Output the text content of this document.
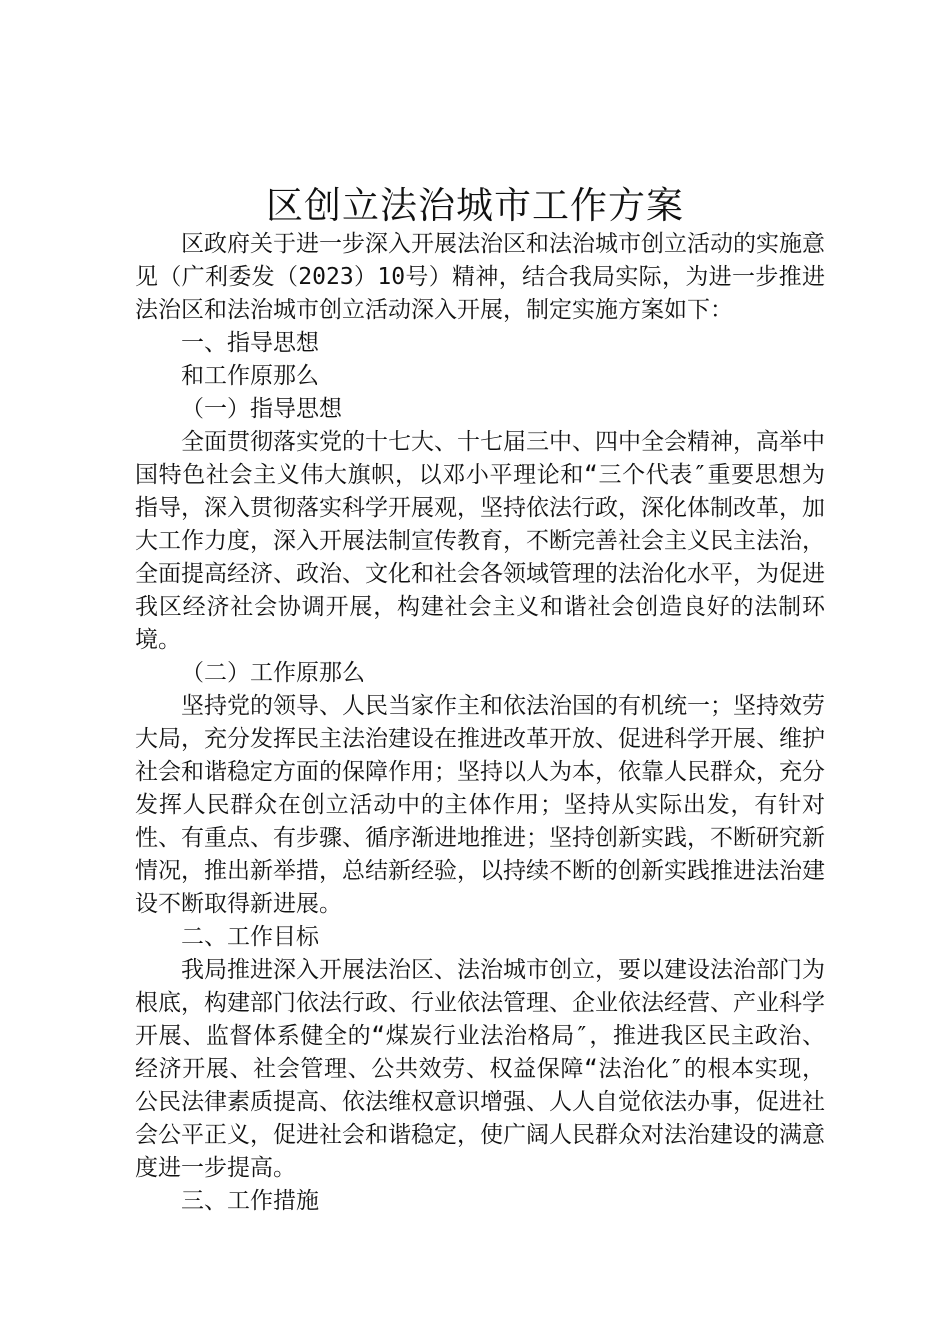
区创立法治城市工作方案

区政府关于进一步深入开展法治区和法治城市创立活动的实施意见（广利委发（2023）10号）精神，结合我局实际，为进一步推进法治区和法治城市创立活动深入开展，制定实施方案如下：

一、指导思想

和工作原那么

（一）指导思想

全面贯彻落实党的十七大、十七届三中、四中全会精神，高举中国特色社会主义伟大旗帜，以邓小平理论和“三个代表″重要思想为指导，深入贯彻落实科学开展观，坚持依法行政，深化体制改革，加大工作力度，深入开展法制宣传教育，不断完善社会主义民主法治，全面提高经济、政治、文化和社会各领域管理的法治化水平，为促进我区经济社会协调开展，构建社会主义和谐社会创造良好的法制环境。

（二）工作原那么

坚持党的领导、人民当家作主和依法治国的有机统一；坚持效劳大局，充分发挥民主法治建设在推进改革开放、促进科学开展、维护社会和谐稳定方面的保障作用；坚持以人为本，依靠人民群众，充分发挥人民群众在创立活动中的主体作用；坚持从实际出发，有针对性、有重点、有步骤、循序渐进地推进；坚持创新实践，不断研究新情况，推出新举措，总结新经验，以持续不断的创新实践推进法治建设不断取得新进展。

二、工作目标

我局推进深入开展法治区、法治城市创立，要以建设法治部门为根底，构建部门依法行政、行业依法管理、企业依法经营、产业科学开展、监督体系健全的“煤炭行业法治格局″，推进我区民主政治、经济开展、社会管理、公共效劳、权益保障“法治化″的根本实现，公民法律素质提高、依法维权意识增强、人人自觉依法办事，促进社会公平正义，促进社会和谐稳定，使广阔人民群众对法治建设的满意度进一步提高。

三、工作措施
